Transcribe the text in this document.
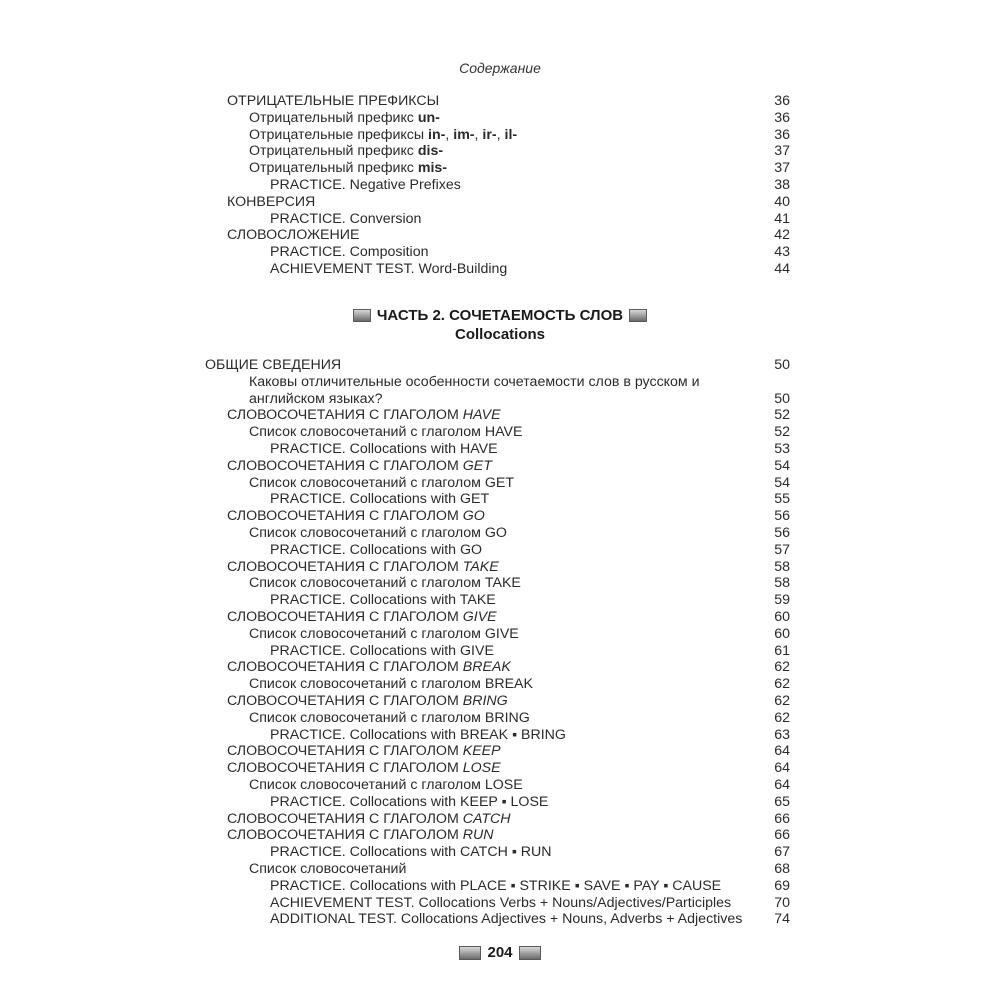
Содержание
ОТРИЦАТЕЛЬНЫЕ ПРЕФИКСЫ	36
Отрицательный префикс un-	36
Отрицательные префиксы in-, im-, ir-, il-	36
Отрицательный префикс dis-	37
Отрицательный префикс mis-	37
PRACTICE. Negative Prefixes	38
КОНВЕРСИЯ	40
PRACTICE. Conversion	41
СЛОВОСЛОЖЕНИЕ	42
PRACTICE. Composition	43
ACHIEVEMENT TEST. Word-Building	44
ЧАСТЬ 2. СОЧЕТАЕМОСТЬ СЛОВ
Collocations
ОБЩИЕ СВЕДЕНИЯ	50
Каковы отличительные особенности сочетаемости слов в русском и английском языках?	50
СЛОВОСОЧЕТАНИЯ С ГЛАГОЛОМ HAVE	52
Список словосочетаний с глаголом HAVE	52
PRACTICE. Collocations with HAVE	53
СЛОВОСОЧЕТАНИЯ С ГЛАГОЛОМ GET	54
Список словосочетаний с глаголом GET	54
PRACTICE. Collocations with GET	55
СЛОВОСОЧЕТАНИЯ С ГЛАГОЛОМ GO	56
Список словосочетаний с глаголом GO	56
PRACTICE. Collocations with GO	57
СЛОВОСОЧЕТАНИЯ С ГЛАГОЛОМ TAKE	58
Список словосочетаний с глаголом TAKE	58
PRACTICE. Collocations with TAKE	59
СЛОВОСОЧЕТАНИЯ С ГЛАГОЛОМ GIVE	60
Список словосочетаний с глаголом GIVE	60
PRACTICE. Collocations with GIVE	61
СЛОВОСОЧЕТАНИЯ С ГЛАГОЛОМ BREAK	62
Список словосочетаний с глаголом BREAK	62
СЛОВОСОЧЕТАНИЯ С ГЛАГОЛОМ BRING	62
Список словосочетаний с глаголом BRING	62
PRACTICE. Collocations with BREAK ▪ BRING	63
СЛОВОСОЧЕТАНИЯ С ГЛАГОЛОМ KEEP	64
СЛОВОСОЧЕТАНИЯ С ГЛАГОЛОМ LOSE	64
Список словосочетаний с глаголом LOSE	64
PRACTICE. Collocations with KEEP ▪ LOSE	65
СЛОВОСОЧЕТАНИЯ С ГЛАГОЛОМ CATCH	66
СЛОВОСОЧЕТАНИЯ С ГЛАГОЛОМ RUN	66
PRACTICE. Collocations with CATCH ▪ RUN	67
Список словосочетаний	68
PRACTICE. Collocations with PLACE ▪ STRIKE ▪ SAVE ▪ PAY ▪ CAUSE	69
ACHIEVEMENT TEST. Collocations Verbs + Nouns/Adjectives/Participles	70
ADDITIONAL TEST. Collocations Adjectives + Nouns, Adverbs + Adjectives 74
204
